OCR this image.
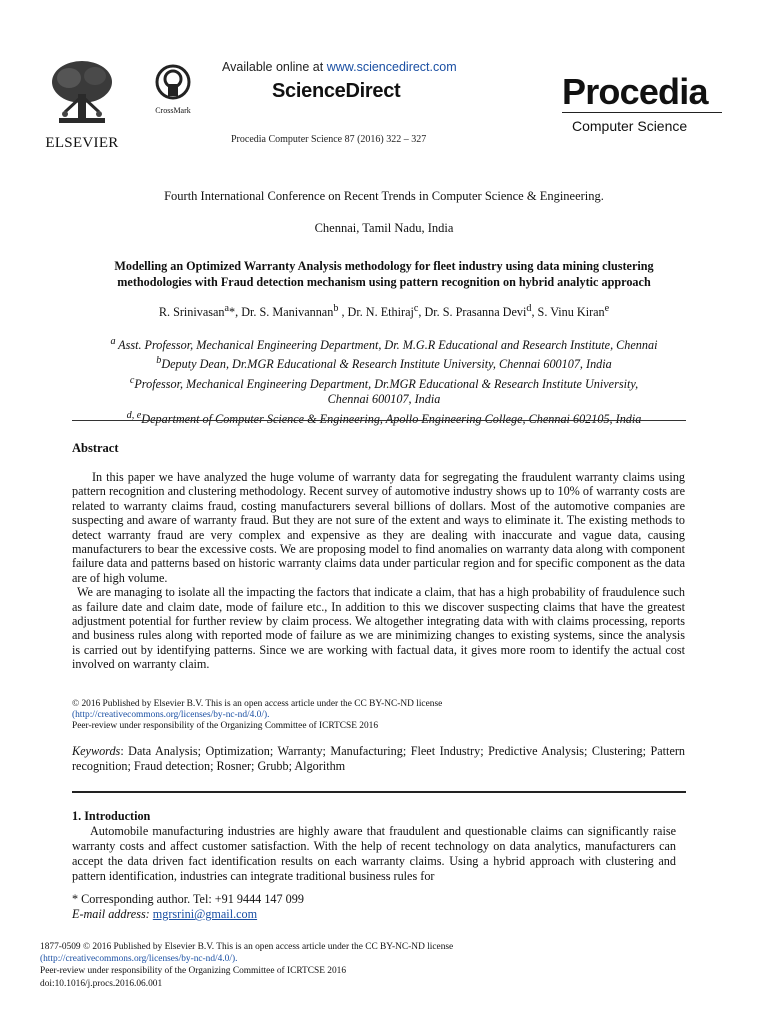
ELSEVIER
CrossMark
Available online at www.sciencedirect.com
ScienceDirect
Procedia Computer Science 87 (2016) 322 – 327
Procedia
Computer Science
Fourth International Conference on Recent Trends in Computer Science & Engineering.
Chennai, Tamil Nadu, India
Modelling an Optimized Warranty Analysis methodology for fleet industry using data mining clustering
methodologies with Fraud detection mechanism using pattern recognition on hybrid analytic approach
R. Srinivasan$^a$*, Dr. S. Manivannan$^b$ , Dr. N. Ethiraj$^c$, Dr. S. Prasanna Devi$^d$, S. Vinu Kiran$^e$
$^a$ Asst. Professor, Mechanical Engineering Department, Dr. M.G.R Educational and Research Institute, Chennai
$^b$Deputy Dean, Dr.MGR Educational & Research Institute University, Chennai 600107, India
$^c$Professor, Mechanical Engineering Department, Dr.MGR Educational & Research Institute University,
Chennai 600107, India
$^{d, e}$Department of Computer Science & Engineering, Apollo Engineering College, Chennai 602105, India
Abstract

In this paper we have analyzed the huge volume of warranty data for segregating the fraudulent warranty claims using pattern recognition and clustering methodology. Recent survey of automotive industry shows up to 10% of warranty costs are related to warranty claims fraud, costing manufacturers several billions of dollars. Most of the automotive companies are suspecting and aware of warranty fraud. But they are not sure of the extent and ways to eliminate it. The existing methods to detect warranty fraud are very complex and expensive as they are dealing with inaccurate and vague data, causing manufacturers to bear the excessive costs. We are proposing model to find anomalies on warranty data along with component failure data and patterns based on historic warranty claims data under particular region and for specific component as the data are of high volume.

We are managing to isolate all the impacting the factors that indicate a claim, that has a high probability of fraudulence such as failure date and claim date, mode of failure etc., In addition to this we discover suspecting claims that have the greatest adjustment potential for further review by claim process. We altogether integrating data with with claims processing, reports and business rules along with reported mode of failure as we are minimizing changes to existing systems, since the analysis is carried out by identifying patterns. Since we are working with factual data, it gives more room to identify the actual cost involved on warranty claim.

© 2016 Published by Elsevier B.V. This is an open access article under the CC BY-NC-ND license
(http://creativecommons.org/licenses/by-nc-nd/4.0/).
Peer-review under responsibility of the Organizing Committee of ICRTCSE 2016
Keywords: Data Analysis; Optimization; Warranty; Manufacturing; Fleet Industry; Predictive Analysis; Clustering; Pattern recognition; Fraud detection; Rosner; Grubb; Algorithm
1. Introduction

Automobile manufacturing industries are highly aware that fraudulent and questionable claims can significantly raise warranty costs and affect customer satisfaction. With the help of recent technology on data analytics, manufacturers can accept the data driven fact identification results on each warranty claims. Using a hybrid approach with clustering and pattern identification, industries can integrate traditional business rules for

* Corresponding author. Tel: +91 9444 147 099
E-mail address: mgrsrini@gmail.com
1877-0509 © 2016 Published by Elsevier B.V. This is an open access article under the CC BY-NC-ND license
(http://creativecommons.org/licenses/by-nc-nd/4.0/).
Peer-review under responsibility of the Organizing Committee of ICRTCSE 2016
doi:10.1016/j.procs.2016.06.001
